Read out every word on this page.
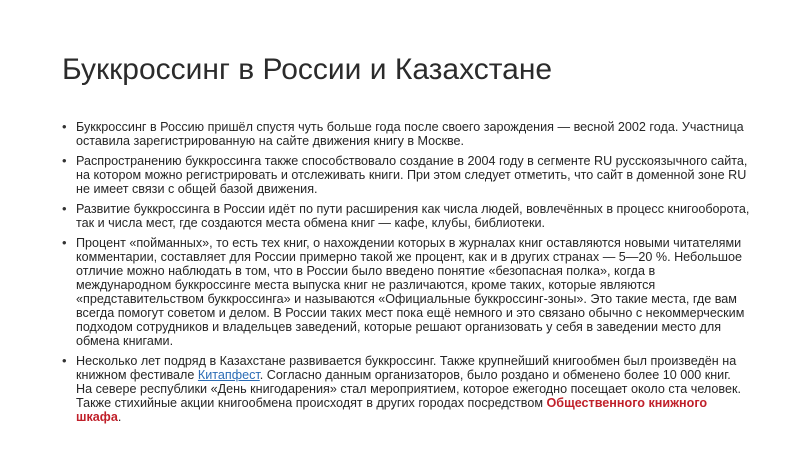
Буккроссинг в России и Казахстане
• Буккроссинг в Россию пришёл спустя чуть больше года после своего зарождения — весной 2002 года. Участница оставила зарегистрированную на сайте движения книгу в Москве.
• Распространению буккроссинга также способствовало создание в 2004 году в сегменте RU русскоязычного сайта, на котором можно регистрировать и отслеживать книги. При этом следует отметить, что сайт в доменной зоне RU не имеет связи с общей базой движения.
• Развитие буккроссинга в России идёт по пути расширения как числа людей, вовлечённых в процесс книгооборота, так и числа мест, где создаются места обмена книг — кафе, клубы, библиотеки.
• Процент «пойманных», то есть тех книг, о нахождении которых в журналах книг оставляются новыми читателями комментарии, составляет для России примерно такой же процент, как и в других странах — 5—20 %. Небольшое отличие можно наблюдать в том, что в России было введено понятие «безопасная полка», когда в международном буккроссинге места выпуска книг не различаются, кроме таких, которые являются «представительством буккроссинга» и называются «Официальные буккроссинг-зоны». Это такие места, где вам всегда помогут советом и делом. В России таких мест пока ещё немного и это связано обычно с некоммерческим подходом сотрудников и владельцев заведений, которые решают организовать у себя в заведении место для обмена книгами.
• Несколько лет подряд в Казахстане развивается буккроссинг. Также крупнейший книгообмен был произведён на книжном фестивале Китапфест. Согласно данным организаторов, было роздано и обменено более 10 000 книг. На севере республики «День книгодарения» стал мероприятием, которое ежегодно посещает около ста человек. Также стихийные акции книгообмена происходят в других городах посредством Общественного книжного шкафа.
